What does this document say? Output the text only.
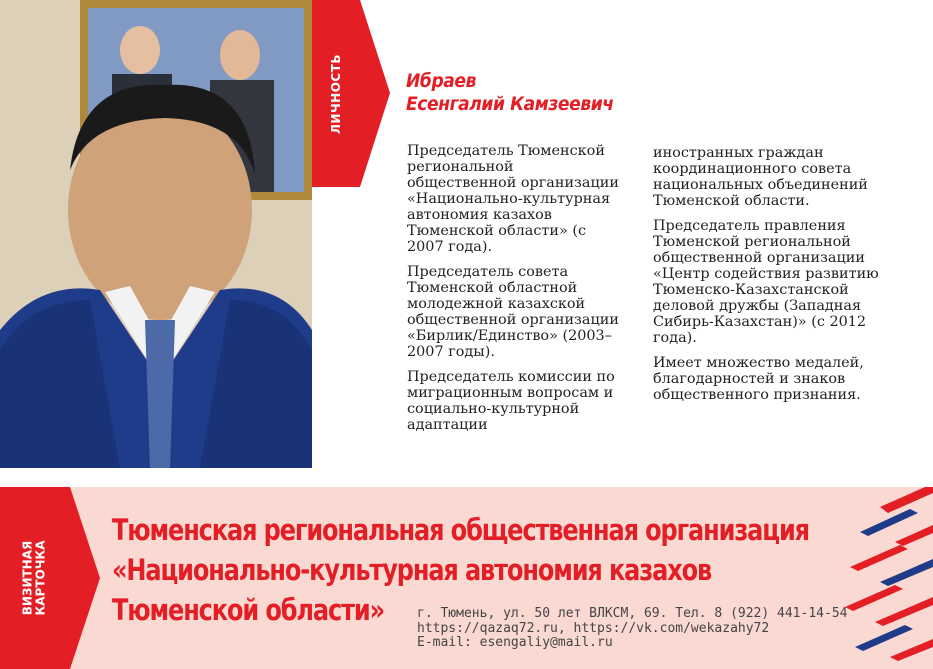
ЛИЧНОСТЬ	Ибраев
Есенгалий Камзеевич

Председатель Тюменской региональной общественной организации «Национально-культурная автономия казахов Тюменской области» (с 2007 года).

Председатель совета Тюменской областной молодежной казахской общественной организации «Бирлик/Единство» (2003–2007 годы).

Председатель комиссии по миграционным вопросам и социально-культурной адаптации

иностранных граждан координационного совета национальных объединений Тюменской области.

Председатель правления Тюменской региональной общественной организации «Центр содействия развитию Тюменско-Казахстанской деловой дружбы (Западная Сибирь-Казахстан)» (с 2012 года).

Имеет множество медалей, благодарностей и знаков общественного признания.

ВИЗИТНАЯ
КАРТОЧКА
Тюменская региональная общественная организация
«Национально-культурная автономия казахов
Тюменской области»	г. Тюмень, ул. 50 лет ВЛКСМ, 69. Тел. 8 (922) 441-14-54
https://qazaq72.ru, https://vk.com/wekazahy72
E-mail: esengaliy@mail.ru
